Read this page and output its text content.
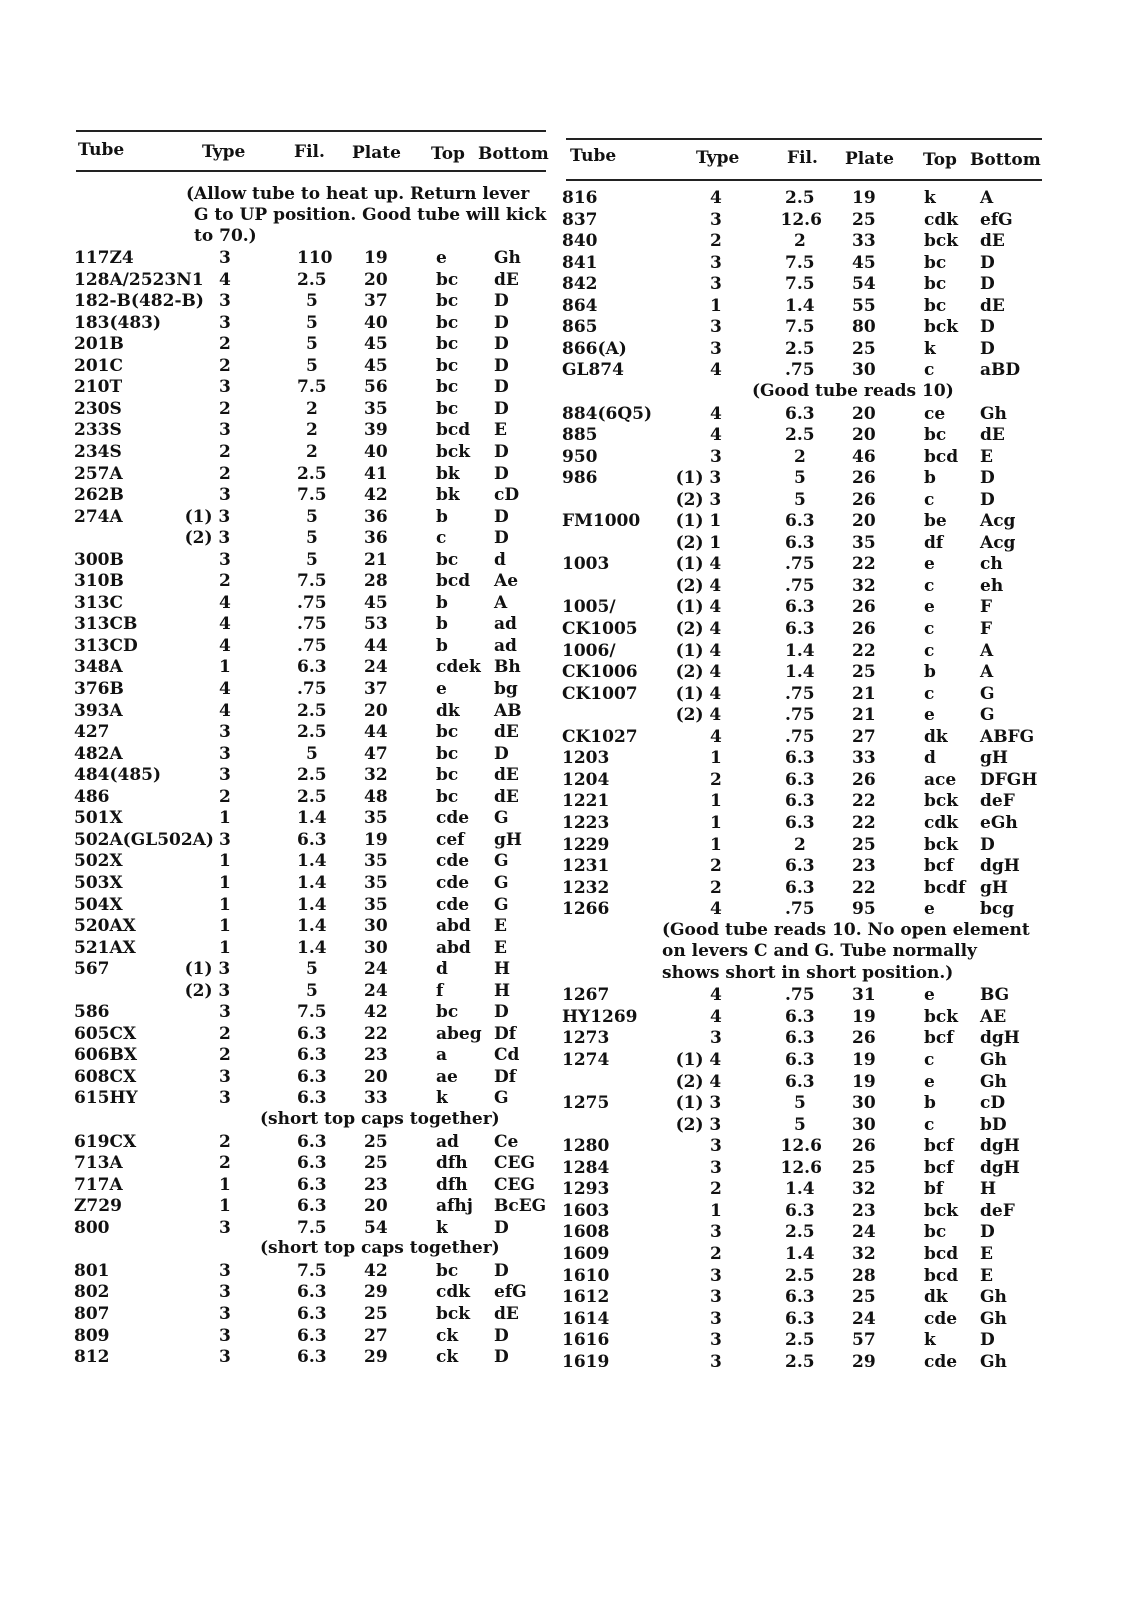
Tube	Type	Fil. Plate Top Bottom
(Allow tube to heat up. Return lever
G to UP position. Good tube will kick
to 70.)
Tube	Type	Fil. Plate Top Bottom
117Z4	3	110 19	e	Gh
128A/2523N1 4	2.5 20	bc dE
182-B(482-B) 3	5	37	bc D
183(483)	3	5	40	bc D
201B	2	5	45	bc D
201C	2	5	45	bc D
210T	3	7.5 56	bc D
230S	2	2	35	bc D
233S	3	2	39	bcd E
234S	2	2	40	bck D
257A	2	2.5 41	bk D
262B	3	7.5 42	bk cD
274A	(1) 3	5	36	b	D
(2) 3	5	36	c	D
300B	3	5	21	bc d
310B	2	7.5 28	bcd Ae
313C	4	.75 45	b	A
313CB	4	.75 53	b	ad
313CD	4	.75 44	b	ad
348A	1	6.3 24	cdek Bh
376B	4	.75 37	e	bg
393A	4	2.5 20	dk AB
427	3	2.5 44	bc dE
482A	3	5	47	bc D
484(485)	3	2.5 32	bc dE
486	2	2.5 48	bc dE
501X	1	1.4 35	cde G
502A(GL502A) 3	6.3 19	cef gH
502X	1	1.4 35	cde G
503X	1	1.4 35	cde G
504X	1	1.4 35	cde G
520AX	1	1.4 30	abd E
521AX	1	1.4 30	abd E
567	(1) 3	5	24	d	H
(2) 3	5	24	f	H
586	3	7.5 42	bc D
605CX	2	6.3 22	abeg Df
606BX	2	6.3 23	a	Cd
608CX	3	6.3 20	ae Df
615HY	3	6.3 33	k	G
(short top caps together)
619CX	2	6.3 25	ad Ce
713A	2	6.3 25	dfh CEG
717A	1	6.3 23	dfh CEG
Z729	1	6.3 20	afhj BcEG
800	3	7.5 54	k	D
(short top caps together)
801	3	7.5 42	bc D
802	3	6.3 29	cdk efG
807	3	6.3 25	bck dE
809	3	6.3 27	ck D
812	3	6.3 29	ck D
816	4	2.5 19	k	A
837	3	12.6 25	cdk efG
840	2	2	33	bck dE
841	3	7.5 45	bc D
842	3	7.5 54	bc D
864	1	1.4 55	bc dE
865	3	7.5 80	bck D
866(A)	3	2.5 25	k	D
GL874	4	.75 30	c	aBD
(Good tube reads 10)
884(6Q5)	4	6.3 20	ce Gh
885	4	2.5 20	bc dE
950	3	2	46	bcd E
986	(1) 3	5	26	b	D
(2) 3	5	26	c	D
FM1000 (1) 1	6.3 20	be Acg
(2) 1	6.3 35	df Acg
1003	(1) 4	.75 22	e	ch
(2) 4	.75 32	c	eh
1005/	(1) 4	6.3 26	e	F
CK1005 (2) 4	6.3 26	c	F
1006/	(1) 4	1.4 22	c	A
CK1006 (2) 4	1.4 25	b	A
CK1007 (1) 4	.75 21	c	G
(2) 4	.75 21	e	G
CK1027	4	.75 27	dk ABFG
1203	1	6.3 33	d	gH
1204	2	6.3 26	ace DFGH
1221	1	6.3 22	bck deF
1223	1	6.3 22	cdk eGh
1229	1	2	25	bck D
1231	2	6.3 23	bcf dgH
1232	2	6.3 22	bcdf gH
1266	4	.75 95	e	bcg
(Good tube reads 10. No open element
on levers C and G. Tube normally
shows short in short position.)
1267	4	.75 31	e	BG
HY1269	4	6.3 19	bck AE
1273	3	6.3 26	bcf dgH
1274	(1) 4	6.3 19	c	Gh
(2) 4	6.3 19	e	Gh
1275	(1) 3	5	30	b	cD
(2) 3	5	30	c	bD
1280	3	12.6 26	bcf dgH
1284	3	12.6 25	bcf dgH
1293	2	1.4 32	bf H
1603	1	6.3 23	bck deF
1608	3	2.5 24	bc D
1609	2	1.4 32	bcd E
1610	3	2.5 28	bcd E
1612	3	6.3 25	dk Gh
1614	3	6.3 24	cde Gh
1616	3	2.5 57	k	D
1619	3	2.5 29	cde Gh
